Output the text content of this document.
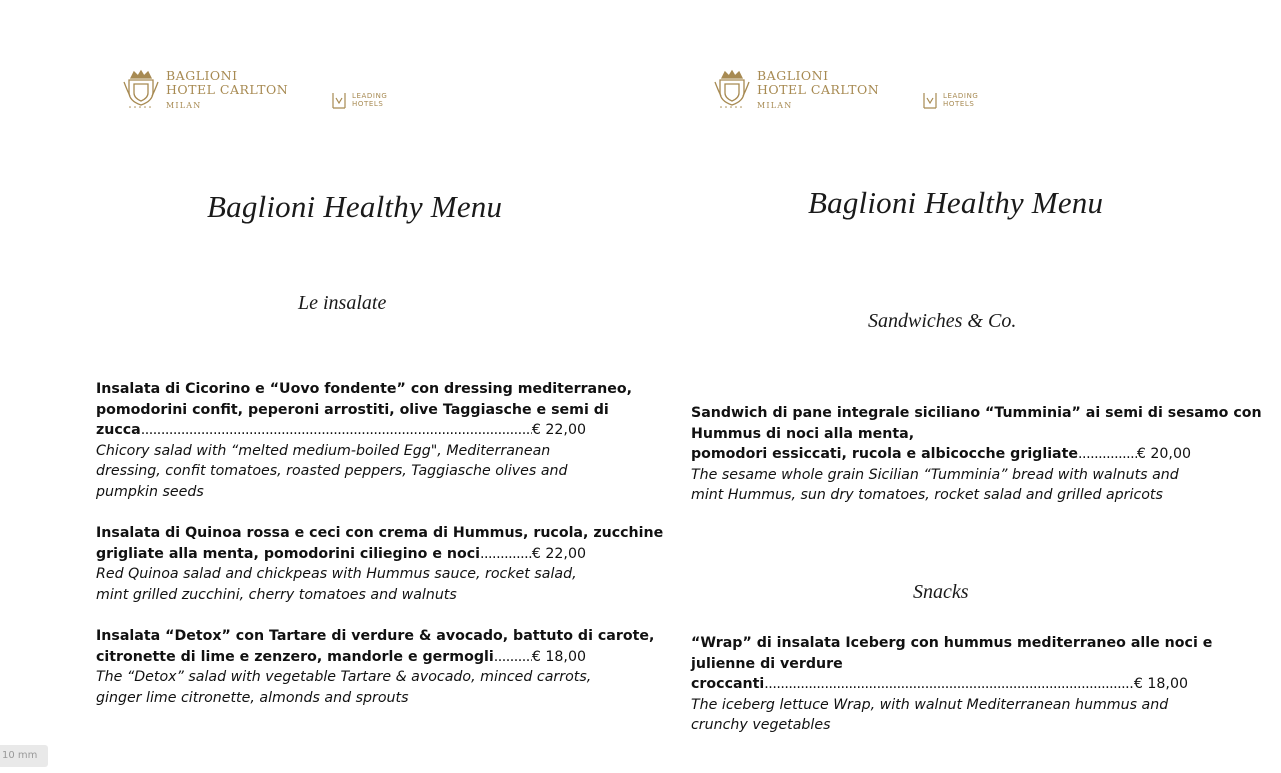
BAGLIONI
HOTEL CARLTON
MILAN
LEADING
HOTELS
Baglioni Healthy Menu
Le insalate
Insalata di Cicorino e “Uovo fondente” con dressing mediterraneo,
pomodorini confit, peperoni arrostiti, olive Taggiasche e semi di
zucca .....	€ 22,00
Chicory salad with “melted medium-boiled Egg", Mediterranean
dressing, confit tomatoes, roasted peppers, Taggiasche olives and
pumpkin seeds
Insalata di Quinoa rossa e ceci con crema di Hummus, rucola, zucchine
grigliate alla menta, pomodorini ciliegino e noci .....	€ 22,00
Red Quinoa salad and chickpeas with Hummus sauce, rocket salad,
mint grilled zucchini, cherry tomatoes and walnuts
Insalata “Detox” con Tartare di verdure & avocado, battuto di carote,
citronette di lime e zenzero, mandorle e germogli .....	€ 18,00
The “Detox” salad with vegetable Tartare & avocado, minced carrots,
ginger lime citronette, almonds and sprouts
BAGLIONI
HOTEL CARLTON
MILAN
LEADING
HOTELS
Baglioni Healthy Menu
Sandwiches & Co.
Sandwich di pane integrale siciliano “Tumminia” ai semi di sesamo con
Hummus di noci alla menta,
pomodori essiccati, rucola e albicocche grigliate .....	€ 20,00
The sesame whole grain Sicilian “Tumminia” bread with walnuts and
mint Hummus, sun dry tomatoes, rocket salad and grilled apricots
Snacks
“Wrap” di insalata Iceberg con hummus mediterraneo alle noci e
julienne di verdure
croccanti .....	€ 18,00
The iceberg lettuce Wrap, with walnut Mediterranean hummus and
crunchy vegetables
10 mm
